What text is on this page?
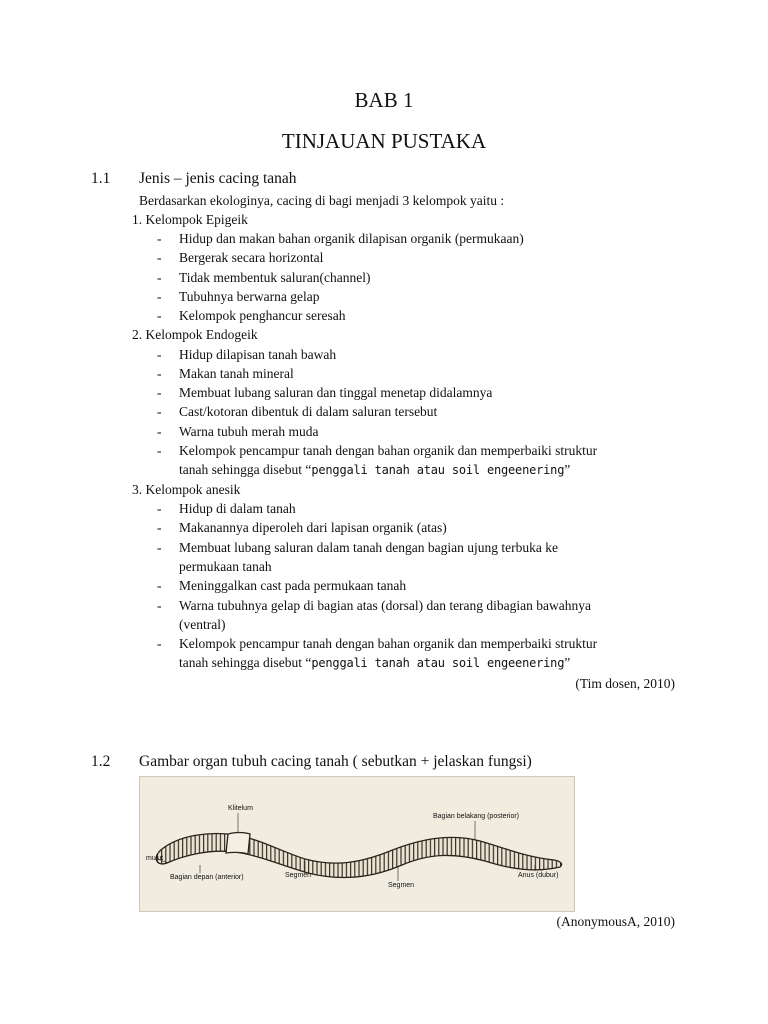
BAB 1
TINJAUAN PUSTAKA
1.1 Jenis – jenis cacing tanah
Berdasarkan ekologinya, cacing di bagi menjadi 3 kelompok yaitu :
1. Kelompok Epigeik
- Hidup dan makan bahan organik dilapisan organik (permukaan)
- Bergerak secara horizontal
- Tidak membentuk saluran(channel)
- Tubuhnya berwarna gelap
- Kelompok penghancur seresah
2. Kelompok Endogeik
- Hidup dilapisan tanah bawah
- Makan tanah mineral
- Membuat lubang saluran dan tinggal menetap didalamnya
- Cast/kotoran dibentuk di dalam saluran tersebut
- Warna tubuh merah muda
- Kelompok pencampur tanah dengan bahan organik dan memperbaiki struktur
tanah sehingga disebut “penggali tanah atau soil engeenering”
3. Kelompok anesik
- Hidup di dalam tanah
- Makanannya diperoleh dari lapisan organik (atas)
- Membuat lubang saluran dalam tanah dengan bagian ujung terbuka ke
permukaan tanah
- Meninggalkan cast pada permukaan tanah
- Warna tubuhnya gelap di bagian atas (dorsal) dan terang dibagian bawahnya
(ventral)
- Kelompok pencampur tanah dengan bahan organik dan memperbaiki struktur
tanah sehingga disebut “penggali tanah atau soil engeenering”
(Tim dosen, 2010)
1.2 Gambar organ tubuh cacing tanah ( sebutkan + jelaskan fungsi)
Klitelum
Bagian belakang (posterior)
mulut
Bagian depan (anterior)	Segmen
Segmen
Anus (dubur)
(AnonymousA, 2010)
